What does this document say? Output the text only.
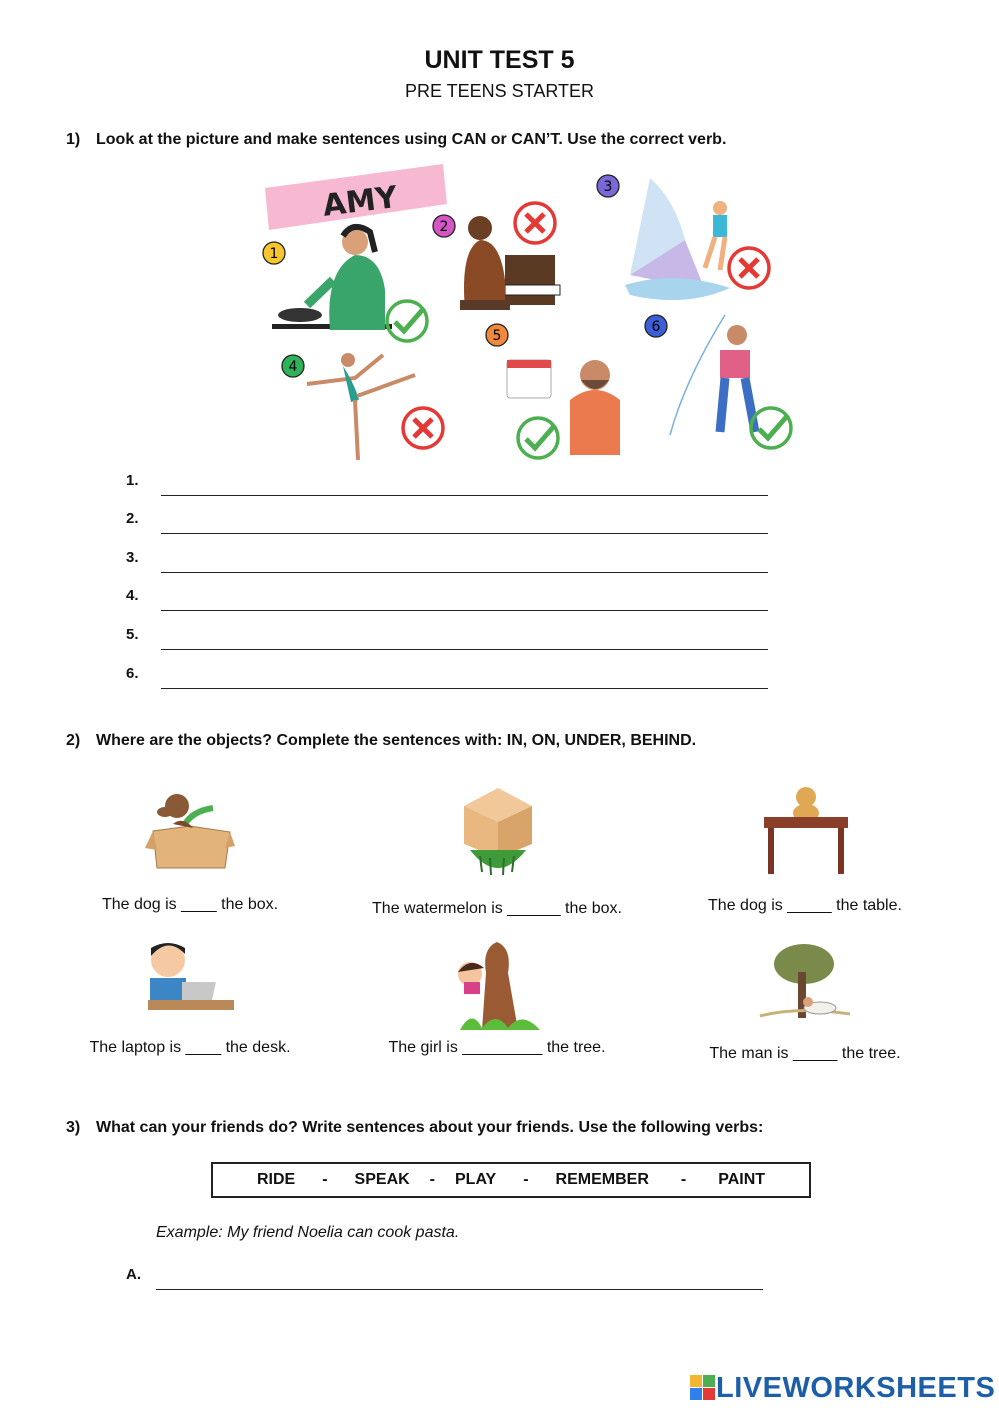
UNIT TEST 5
PRE TEENS STARTER
1) Look at the picture and make sentences using CAN or CAN’T. Use the correct verb.
AMY
1
2
3
4
5
6
1.
2.
3.
4.
5.
6.
2) Where are the objects? Complete the sentences with: IN, ON, UNDER, BEHIND.
The dog is ____ the box.	The watermelon is ______ the box.	The dog is _____ the table.
The laptop is ____ the desk.	The girl is _________ the tree.	The man is _____ the tree.
3) What can your friends do? Write sentences about your friends. Use the following verbs:
RIDE - SPEAK - PLAY - REMEMBER - PAINT
Example: My friend Noelia can cook pasta.
A.
LIVEWORKSHEETS
